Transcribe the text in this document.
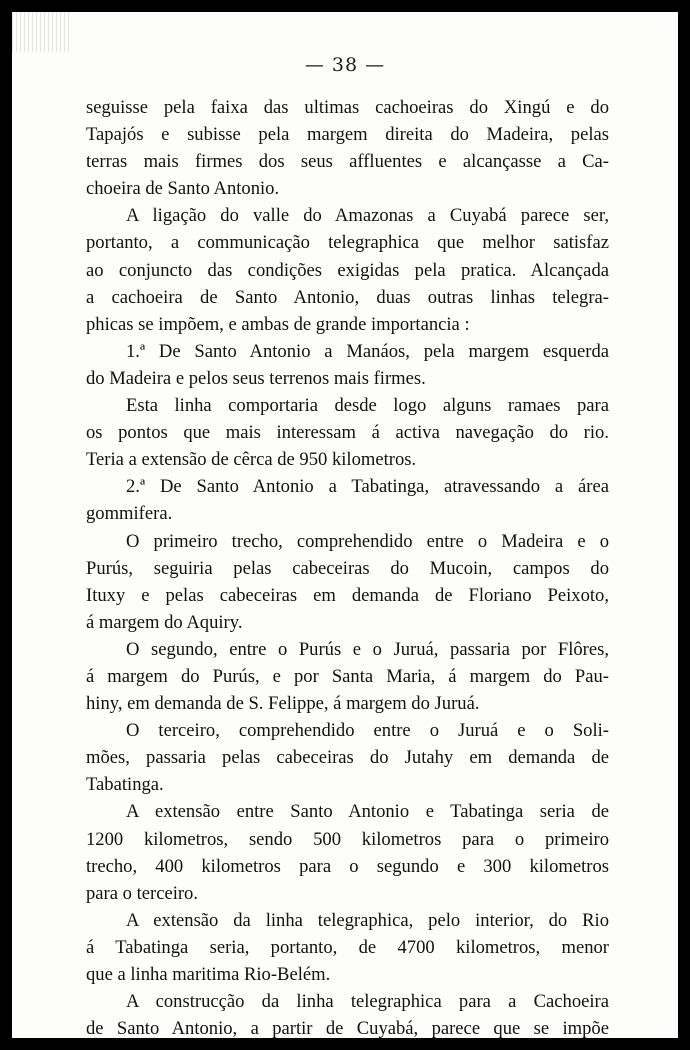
— 38 —

seguisse pela faixa das ultimas cachoeiras do Xingú e do

Tapajós e subisse pela margem direita do Madeira, pelas

terras mais firmes dos seus affluentes e alcançasse a Ca-

choeira de Santo Antonio.

A ligação do valle do Amazonas a Cuyabá parece ser,

portanto, a communicação telegraphica que melhor satisfaz

ao conjuncto das condições exigidas pela pratica. Alcançada

a cachoeira de Santo Antonio, duas outras linhas telegra-

phicas se impõem, e ambas de grande importancia :

1.ª De Santo Antonio a Manáos, pela margem esquerda

do Madeira e pelos seus terrenos mais firmes.

Esta linha comportaria desde logo alguns ramaes para

os pontos que mais interessam á activa navegação do rio.

Teria a extensão de cêrca de 950 kilometros.

2.ª De Santo Antonio a Tabatinga, atravessando a área

gommifera.

O primeiro trecho, comprehendido entre o Madeira e o

Purús, seguiria pelas cabeceiras do Mucoin, campos do

Ituxy e pelas cabeceiras em demanda de Floriano Peixoto,

á margem do Aquiry.

O segundo, entre o Purús e o Juruá, passaria por Flôres,

á margem do Purús, e por Santa Maria, á margem do Pau-

hiny, em demanda de S. Felippe, á margem do Juruá.

O terceiro, comprehendido entre o Juruá e o Soli-

mões, passaria pelas cabeceiras do Jutahy em demanda de

Tabatinga.

A extensão entre Santo Antonio e Tabatinga seria de

1200 kilometros, sendo 500 kilometros para o primeiro

trecho, 400 kilometros para o segundo e 300 kilometros

para o terceiro.

A extensão da linha telegraphica, pelo interior, do Rio

á Tabatinga seria, portanto, de 4700 kilometros, menor

que a linha maritima Rio-Belém.

A construcção da linha telegraphica para a Cachoeira

de Santo Antonio, a partir de Cuyabá, parece que se impõe
